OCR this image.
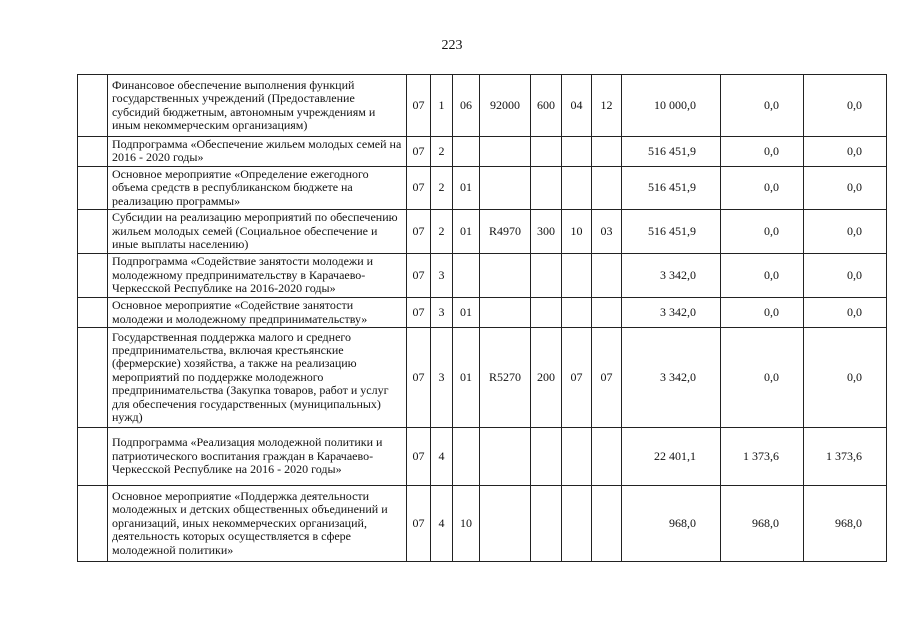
223
	Финансовое обеспечение выполнения функций государственных учреждений (Предоставление субсидий бюджетным, автономным учреждениям и иным некоммерческим организациям)	07	1	06	92000	600	04	12	10 000,0	0,0	0,0
	Подпрограмма «Обеспечение жильем молодых семей на 2016 - 2020 годы»	07	2						516 451,9	0,0	0,0
	Основное мероприятие «Определение ежегодного объема средств в республиканском бюджете на реализацию программы»	07	2	01					516 451,9	0,0	0,0
	Субсидии на реализацию мероприятий по обеспечению жильем молодых семей (Социальное обеспечение и иные выплаты населению)	07	2	01	R4970	300	10	03	516 451,9	0,0	0,0
	Подпрограмма «Содействие занятости молодежи и молодежному предпринимательству в Карачаево-Черкесской Республике на 2016-2020 годы»	07	3						3 342,0	0,0	0,0
	Основное мероприятие «Содействие занятости молодежи и молодежному предпринимательству»	07	3	01					3 342,0	0,0	0,0
	Государственная поддержка малого и среднего предпринимательства, включая крестьянские (фермерские) хозяйства, а также на реализацию мероприятий по поддержке молодежного предпринимательства (Закупка товаров, работ и услуг для обеспечения государственных (муниципальных) нужд)	07	3	01	R5270	200	07	07	3 342,0	0,0	0,0
	Подпрограмма «Реализация молодежной политики и патриотического воспитания граждан в Карачаево-Черкесской Республике на 2016 - 2020 годы»	07	4						22 401,1	1 373,6	1 373,6
	Основное мероприятие «Поддержка деятельности молодежных и детских общественных объединений и организаций, иных некоммерческих организаций, деятельность которых осуществляется в сфере молодежной политики»	07	4	10					968,0	968,0	968,0
